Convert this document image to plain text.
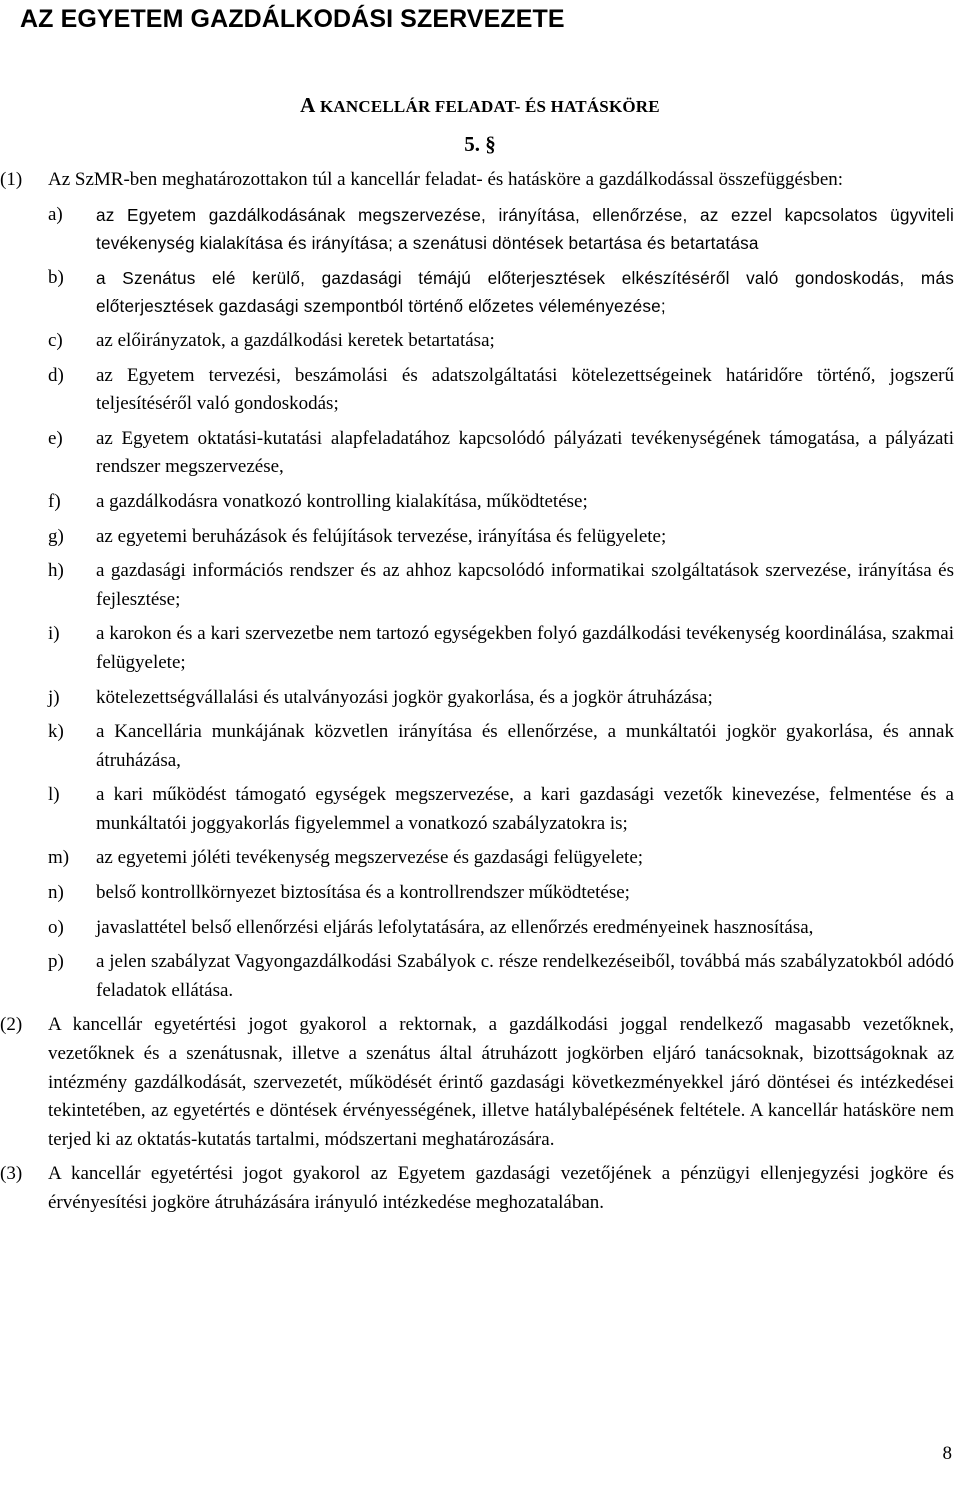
AZ EGYETEM GAZDÁLKODÁSI SZERVEZETE
A KANCELLÁR FELADAT- ÉS HATÁSKÖRE
5. §
(1) Az SzMR-ben meghatározottakon túl a kancellár feladat- és hatásköre a gazdálkodással összefüggésben:
a) az Egyetem gazdálkodásának megszervezése, irányítása, ellenőrzése, az ezzel kapcsolatos ügyviteli tevékenység kialakítása és irányítása; a szenátusi döntések betartása és betartatása
b) a Szenátus elé kerülő, gazdasági témájú előterjesztések elkészítéséről való gondoskodás, más előterjesztések gazdasági szempontból történő előzetes véleményezése;
c) az előirányzatok, a gazdálkodási keretek betartatása;
d) az Egyetem tervezési, beszámolási és adatszolgáltatási kötelezettségeinek határidőre történő, jogszerű teljesítéséről való gondoskodás;
e) az Egyetem oktatási-kutatási alapfeladatához kapcsolódó pályázati tevékenységének támogatása, a pályázati rendszer megszervezése,
f) a gazdálkodásra vonatkozó kontrolling kialakítása, működtetése;
g) az egyetemi beruházások és felújítások tervezése, irányítása és felügyelete;
h) a gazdasági információs rendszer és az ahhoz kapcsolódó informatikai szolgáltatások szervezése, irányítása és fejlesztése;
i) a karokon és a kari szervezetbe nem tartozó egységekben folyó gazdálkodási tevékenység koordinálása, szakmai felügyelete;
j) kötelezettségvállalási és utalványozási jogkör gyakorlása, és a jogkör átruházása;
k) a Kancellária munkájának közvetlen irányítása és ellenőrzése, a munkáltatói jogkör gyakorlása, és annak átruházása,
l) a kari működést támogató egységek megszervezése, a kari gazdasági vezetők kinevezése, felmentése és a munkáltatói joggyakorlás figyelemmel a vonatkozó szabályzatokra is;
m) az egyetemi jóléti tevékenység megszervezése és gazdasági felügyelete;
n) belső kontrollkörnyezet biztosítása és a kontrollrendszer működtetése;
o) javaslattétel belső ellenőrzési eljárás lefolytatására, az ellenőrzés eredményeinek hasznosítása,
p) a jelen szabályzat Vagyongazdálkodási Szabályok c. része rendelkezéseiből, továbbá más szabályzatokból adódó feladatok ellátása.
(2) A kancellár egyetértési jogot gyakorol a rektornak, a gazdálkodási joggal rendelkező magasabb vezetőknek, vezetőknek és a szenátusnak, illetve a szenátus által átruházott jogkörben eljáró tanácsoknak, bizottságoknak az intézmény gazdálkodását, szervezetét, működését érintő gazdasági következményekkel járó döntései és intézkedései tekintetében, az egyetértés e döntések érvényességének, illetve hatálybalépésének feltétele. A kancellár hatásköre nem terjed ki az oktatás-kutatás tartalmi, módszertani meghatározására.
(3) A kancellár egyetértési jogot gyakorol az Egyetem gazdasági vezetőjének a pénzügyi ellenjegyzési jogköre és érvényesítési jogköre átruházására irányuló intézkedése meghozatalában.
8
